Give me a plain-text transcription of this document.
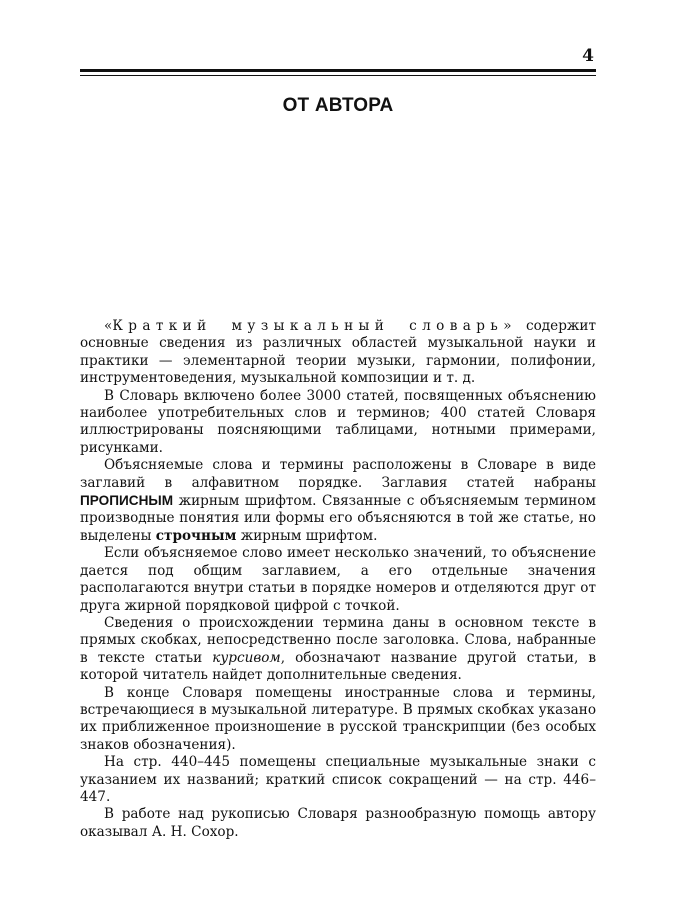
4
ОТ АВТОРА

«Краткий музыкальный словарь» содержит основные сведения из различных областей музыкальной науки и практики — элементарной теории музыки, гармонии, полифонии, инструментоведения, музыкальной композиции и т. д.

В Словарь включено более 3000 статей, посвященных объяснению наиболее употребительных слов и терминов; 400 статей Словаря иллюстрированы поясняющими таблицами, нотными примерами, рисунками.

Объясняемые слова и термины расположены в Словаре в виде заглавий в алфавитном порядке. Заглавия статей набраны ПРОПИСНЫМ жирным шрифтом. Связанные с объясняемым термином производные понятия или формы его объясняются в той же статье, но выделены строчным жирным шрифтом.

Если объясняемое слово имеет несколько значений, то объяснение дается под общим заглавием, а его отдельные значения располагаются внутри статьи в порядке номеров и отделяются друг от друга жирной порядковой цифрой с точкой.

Сведения о происхождении термина даны в основном тексте в прямых скобках, непосредственно после заголовка. Слова, набранные в тексте статьи курсивом, обозначают название другой статьи, в которой читатель найдет дополнительные сведения.

В конце Словаря помещены иностранные слова и термины, встречающиеся в музыкальной литературе. В прямых скобках указано их приближенное произношение в русской транскрипции (без особых знаков обозначения).

На стр. 440–445 помещены специальные музыкальные знаки с указанием их названий; краткий список сокращений — на стр. 446–447.

В работе над рукописью Словаря разнообразную помощь автору оказывал А. Н. Сохор.
